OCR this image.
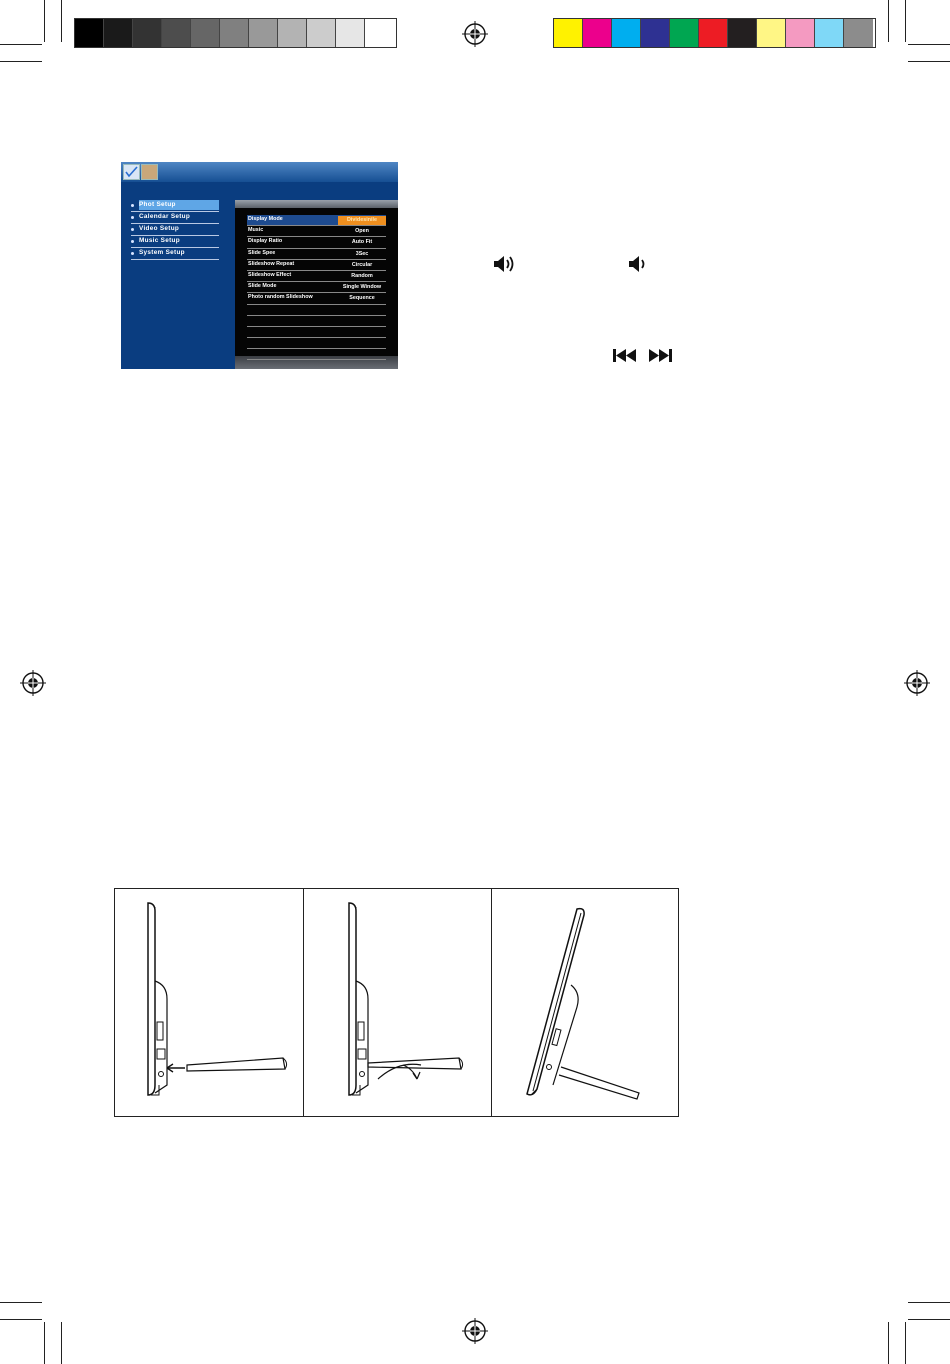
Phot Setup
Calendar Setup
Video Setup
Music Setup
System Setup
Display Mode	Dividesinile
Music	Open
Display Ratio	Auto Fit
Slide Spee	3Sec
Slideshow Repeat	Circular
Slideshow Effect	Random
Slide Mode	Single Window
Photo random Slideshow	Sequence
